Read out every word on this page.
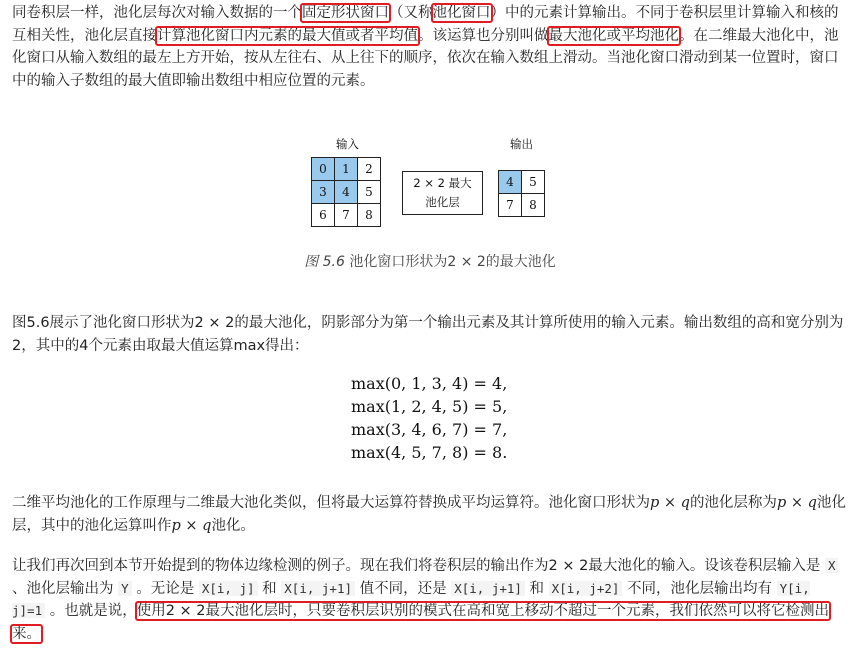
同卷积层一样，池化层每次对输入数据的一个固定形状窗口（又称池化窗口）中的元素计算输出。不同于卷积层里计算输入和核的互相关性，池化层直接计算池化窗口内元素的最大值或者平均值。该运算也分别叫做最大池化或平均池化。在二维最大池化中，池化窗口从输入数组的最左上方开始，按从左往右、从上往下的顺序，依次在输入数组上滑动。当池化窗口滑动到某一位置时，窗口中的输入子数组的最大值即输出数组中相应位置的元素。

输入	输出
0	1	2
3	4	5
6	7	8
2 × 2 最大
池化层
4	5
7	8
图 5.6 池化窗口形状为2 × 2的最大池化

图5.6展示了池化窗口形状为2 × 2的最大池化，阴影部分为第一个输出元素及其计算所使用的输入元素。输出数组的高和宽分别为2，其中的4个元素由取最大值运算max得出：

max(0, 1, 3, 4) = 4,
max(1, 2, 4, 5) = 5,
max(3, 4, 6, 7) = 7,
max(4, 5, 7, 8) = 8.

二维平均池化的工作原理与二维最大池化类似，但将最大运算符替换成平均运算符。池化窗口形状为p × q的池化层称为p × q池化层，其中的池化运算叫作p × q池化。

让我们再次回到本节开始提到的物体边缘检测的例子。现在我们将卷积层的输出作为2 × 2最大池化的输入。设该卷积层输入是 X 、池化层输出为 Y 。无论是 X[i, j] 和 X[i, j+1] 值不同，还是 X[i, j+1] 和 X[i, j+2] 不同，池化层输出均有 Y[i, j]=1 。也就是说，使用2 × 2最大池化层时，只要卷积层识别的模式在高和宽上移动不超过一个元素，我们依然可以将它检测出来。
